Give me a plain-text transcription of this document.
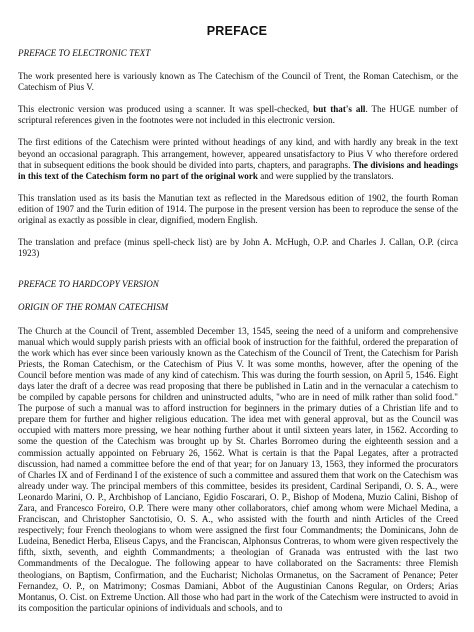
PREFACE
PREFACE TO ELECTRONIC TEXT

The work presented here is variously known as The Catechism of the Council of Trent, the Roman Catechism, or the Catechism of Pius V.

This electronic version was produced using a scanner. It was spell-checked, but that's all. The HUGE number of scriptural references given in the footnotes were not included in this electronic version.

The first editions of the Catechism were printed without headings of any kind, and with hardly any break in the text beyond an occasional paragraph. This arrangement, however, appeared unsatisfactory to Pius V who therefore ordered that in subsequent editions the book should be divided into parts, chapters, and paragraphs. The divisions and headings in this text of the Catechism form no part of the original work and were supplied by the translators.

This translation used as its basis the Manutian text as reflected in the Maredsous edition of 1902, the fourth Roman edition of 1907 and the Turin edition of 1914. The purpose in the present version has been to reproduce the sense of the original as exactly as possible in clear, dignified, modern English.

The translation and preface (minus spell-check list) are by John A. McHugh, O.P. and Charles J. Callan, O.P. (circa 1923)

PREFACE TO HARDCOPY VERSION
ORIGIN OF THE ROMAN CATECHISM

The Church at the Council of Trent, assembled December 13, 1545, seeing the need of a uniform and comprehensive manual which would supply parish priests with an official book of instruction for the faithful, ordered the preparation of the work which has ever since been variously known as the Catechism of the Council of Trent, the Catechism for Parish Priests, the Roman Catechism, or the Catechism of Pius V. It was some months, however, after the opening of the Council before mention was made of any kind of catechism. This was during the fourth session, on April 5, 1546. Eight days later the draft of a decree was read proposing that there be published in Latin and in the vernacular a catechism to be compiled by capable persons for children and uninstructed adults, "who are in need of milk rather than solid food." The purpose of such a manual was to afford instruction for beginners in the primary duties of a Christian life and to prepare them for further and higher religious education. The idea met with general approval, but as the Council was occupied with matters more pressing, we hear nothing further about it until sixteen years later, in 1562. According to some the question of the Catechism was brought up by St. Charles Borromeo during the eighteenth session and a commission actually appointed on February 26, 1562. What is certain is that the Papal Legates, after a protracted discussion, had named a committee before the end of that year; for on January 13, 1563, they informed the procurators of Charles IX and of Ferdinand I of the existence of such a committee and assured them that work on the Catechism was already under way. The principal members of this committee, besides its president, Cardinal Seripandi, O. S. A., were Leonardo Marini, O. P., Archbishop of Lanciano, Egidio Foscarari, O. P., Bishop of Modena, Muzio Calini, Bishop of Zara, and Francesco Foreiro, O.P. There were many other collaborators, chief among whom were Michael Medina, a Franciscan, and Christopher Sanctotisio, O. S. A., who assisted with the fourth and ninth Articles of the Creed respectively; four French theologians to whom were assigned the first four Commandments; the Dominicans, John de Ludeina, Benedict Herba, Eliseus Capys, and the Franciscan, Alphonsus Contreras, to whom were given respectively the fifth, sixth, seventh, and eighth Commandments; a theologian of Granada was entrusted with the last two Commandments of the Decalogue. The following appear to have collaborated on the Sacraments: three Flemish theologians, on Baptism, Confirmation, and the Eucharist; Nicholas Ormanetus, on the Sacrament of Penance; Peter Fernandez, O. P., on Matrimony; Cosmas Damiani, Abbot of the Augustinian Canons Regular, on Orders; Arias Montanus, O. Cist. on Extreme Unction. All those who had part in the work of the Catechism were instructed to avoid in its composition the particular opinions of individuals and schools, and to
